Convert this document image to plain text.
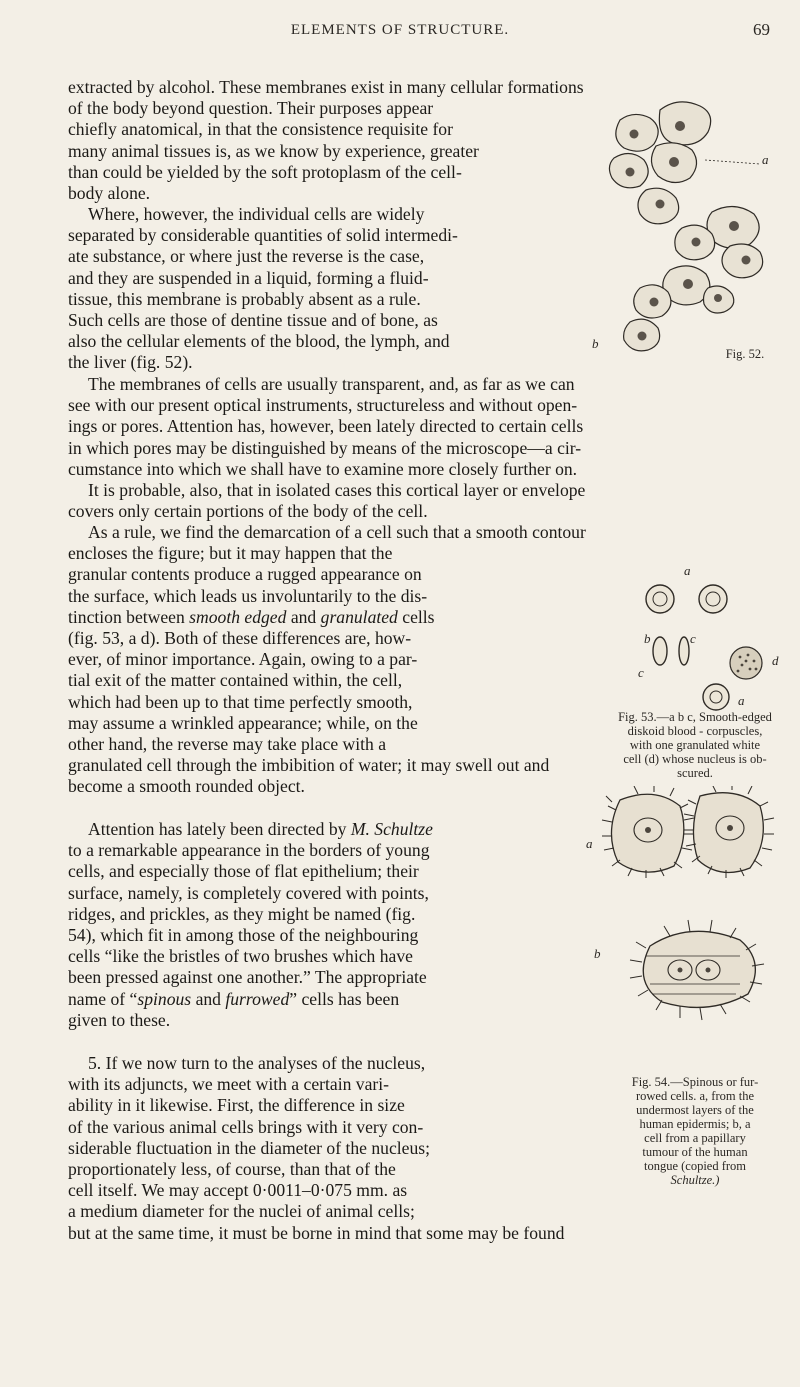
ELEMENTS OF STRUCTURE.	69
extracted by alcohol. These membranes exist in many cellular formations
of the body beyond question. Their purposes appear
chiefly anatomical, in that the consistence requisite for
many animal tissues is, as we know by experience, greater
than could be yielded by the soft protoplasm of the cell-
body alone.
Where, however, the individual cells are widely
separated by considerable quantities of solid intermedi-
ate substance, or where just the reverse is the case,
and they are suspended in a liquid, forming a fluid-
tissue, this membrane is probably absent as a rule.
Such cells are those of dentine tissue and of bone, as
also the cellular elements of the blood, the lymph, and
the liver (fig. 52).
The membranes of cells are usually transparent, and, as far as we can
see with our present optical instruments, structureless and without open-
ings or pores. Attention has, however, been lately directed to certain cells
in which pores may be distinguished by means of the microscope—a cir-
cumstance into which we shall have to examine more closely further on.
It is probable, also, that in isolated cases this cortical layer or envelope
covers only certain portions of the body of the cell.
As a rule, we find the demarcation of a cell such that a smooth contour
encloses the figure; but it may happen that the
granular contents produce a rugged appearance on
the surface, which leads us involuntarily to the dis-
tinction between smooth edged and granulated cells
(fig. 53, a d). Both of these differences are, how-
ever, of minor importance. Again, owing to a par-
tial exit of the matter contained within, the cell,
which had been up to that time perfectly smooth,
may assume a wrinkled appearance; while, on the
other hand, the reverse may take place with a
granulated cell through the imbibition of water; it may swell out and
become a smooth rounded object.
Attention has lately been directed by M. Schultze
to a remarkable appearance in the borders of young
cells, and especially those of flat epithelium; their
surface, namely, is completely covered with points,
ridges, and prickles, as they might be named (fig.
54), which fit in among those of the neighbouring
cells “like the bristles of two brushes which have
been pressed against one another.” The appropriate
name of “spinous and furrowed” cells has been
given to these.
5. If we now turn to the analyses of the nucleus,
with its adjuncts, we meet with a certain vari-
ability in it likewise. First, the difference in size
of the various animal cells brings with it very con-
siderable fluctuation in the diameter of the nucleus;
proportionately less, of course, than that of the
cell itself. We may accept 0·0011–0·075 mm. as
a medium diameter for the nuclei of animal cells;
but at the same time, it must be borne in mind that some may be found
a
b
Fig. 52.
a
b	c
c
d
a
Fig. 53.—a b c, Smooth-edged
diskoid blood - corpuscles,
with one granulated white
cell (d) whose nucleus is ob-
scured.
a
b
Fig. 54.—Spinous or fur-
rowed cells. a, from the
undermost layers of the
human epidermis; b, a
cell from a papillary
tumour of the human
tongue (copied from
Schultze.)
